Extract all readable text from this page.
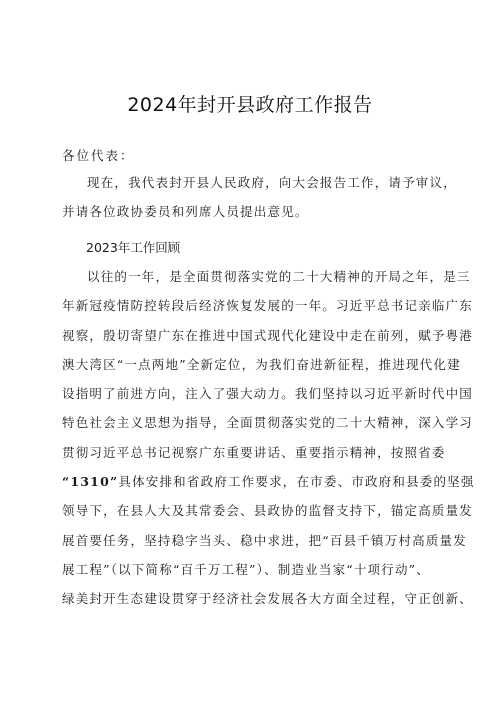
2024年封开县政府工作报告
各位代表：
现在，我代表封开县人民政府，向大会报告工作，请予审议，
并请各位政协委员和列席人员提出意见。
2023年工作回顾
以往的一年，是全面贯彻落实党的二十大精神的开局之年，是三
年新冠疫情防控转段后经济恢复发展的一年。习近平总书记亲临广东
视察，殷切寄望广东在推进中国式现代化建设中走在前列，赋予粤港
澳大湾区“一点两地”全新定位，为我们奋进新征程，推进现代化建
设指明了前进方向，注入了强大动力。我们坚持以习近平新时代中国
特色社会主义思想为指导，全面贯彻落实党的二十大精神，深入学习
贯彻习近平总书记视察广东重要讲话、重要指示精神，按照省委
“1310”具体安排和省政府工作要求，在市委、市政府和县委的坚强
领导下，在县人大及其常委会、县政协的监督支持下，锚定高质量发
展首要任务，坚持稳字当头、稳中求进，把“百县千镇万村高质量发
展工程”（以下简称“百千万工程”）、制造业当家“十项行动”、
绿美封开生态建设贯穿于经济社会发展各大方面全过程，守正创新、
